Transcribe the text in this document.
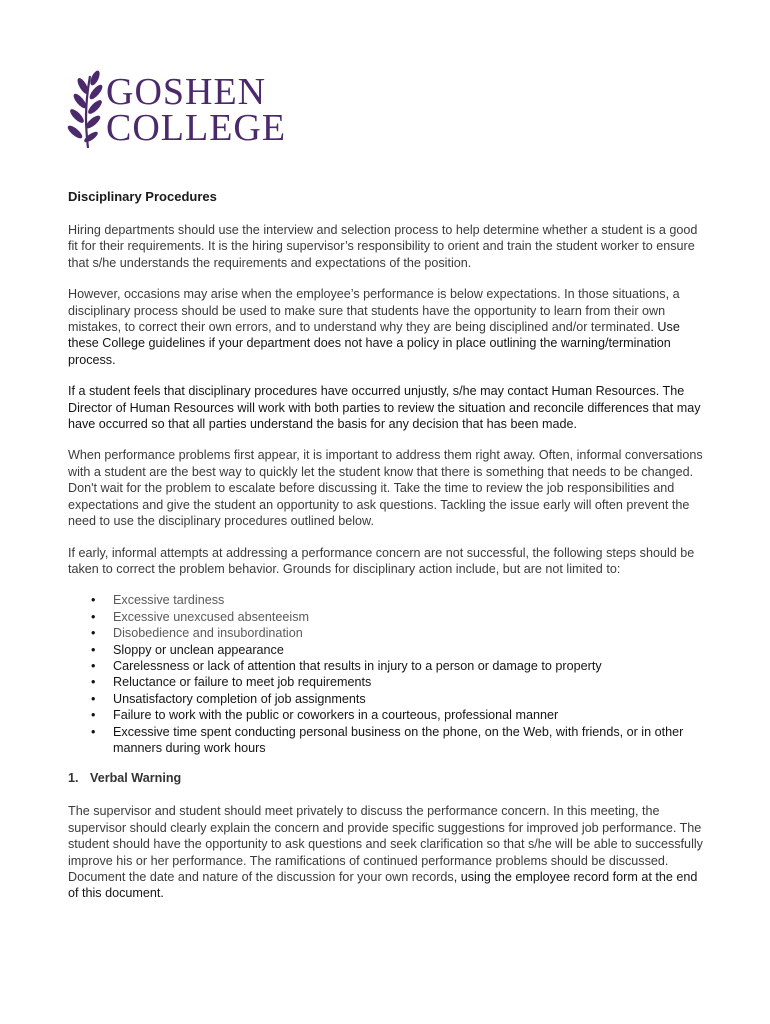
GOSHEN
COLLEGE
Disciplinary Procedures

Hiring departments should use the interview and selection process to help determine whether a student is a good fit for their requirements. It is the hiring supervisor’s responsibility to orient and train the student worker to ensure that s/he understands the requirements and expectations of the position.

However, occasions may arise when the employee’s performance is below expectations. In those situations, a disciplinary process should be used to make sure that students have the opportunity to learn from their own mistakes, to correct their own errors, and to understand why they are being disciplined and/or terminated. Use these College guidelines if your department does not have a policy in place outlining the warning/termination process.

If a student feels that disciplinary procedures have occurred unjustly, s/he may contact Human Resources. The Director of Human Resources will work with both parties to review the situation and reconcile differences that may have occurred so that all parties understand the basis for any decision that has been made.

When performance problems first appear, it is important to address them right away. Often, informal conversations with a student are the best way to quickly let the student know that there is something that needs to be changed. Don't wait for the problem to escalate before discussing it. Take the time to review the job responsibilities and expectations and give the student an opportunity to ask questions. Tackling the issue early will often prevent the need to use the disciplinary procedures outlined below.

If early, informal attempts at addressing a performance concern are not successful, the following steps should be taken to correct the problem behavior. Grounds for disciplinary action include, but are not limited to:

• Excessive tardiness
• Excessive unexcused absenteeism
• Disobedience and insubordination
• Sloppy or unclean appearance
• Carelessness or lack of attention that results in injury to a person or damage to property
• Reluctance or failure to meet job requirements
• Unsatisfactory completion of job assignments
• Failure to work with the public or coworkers in a courteous, professional manner
• Excessive time spent conducting personal business on the phone, on the Web, with friends, or in other manners during work hours
1. Verbal Warning

The supervisor and student should meet privately to discuss the performance concern. In this meeting, the supervisor should clearly explain the concern and provide specific suggestions for improved job performance. The student should have the opportunity to ask questions and seek clarification so that s/he will be able to successfully improve his or her performance. The ramifications of continued performance problems should be discussed. Document the date and nature of the discussion for your own records, using the employee record form at the end of this document.
